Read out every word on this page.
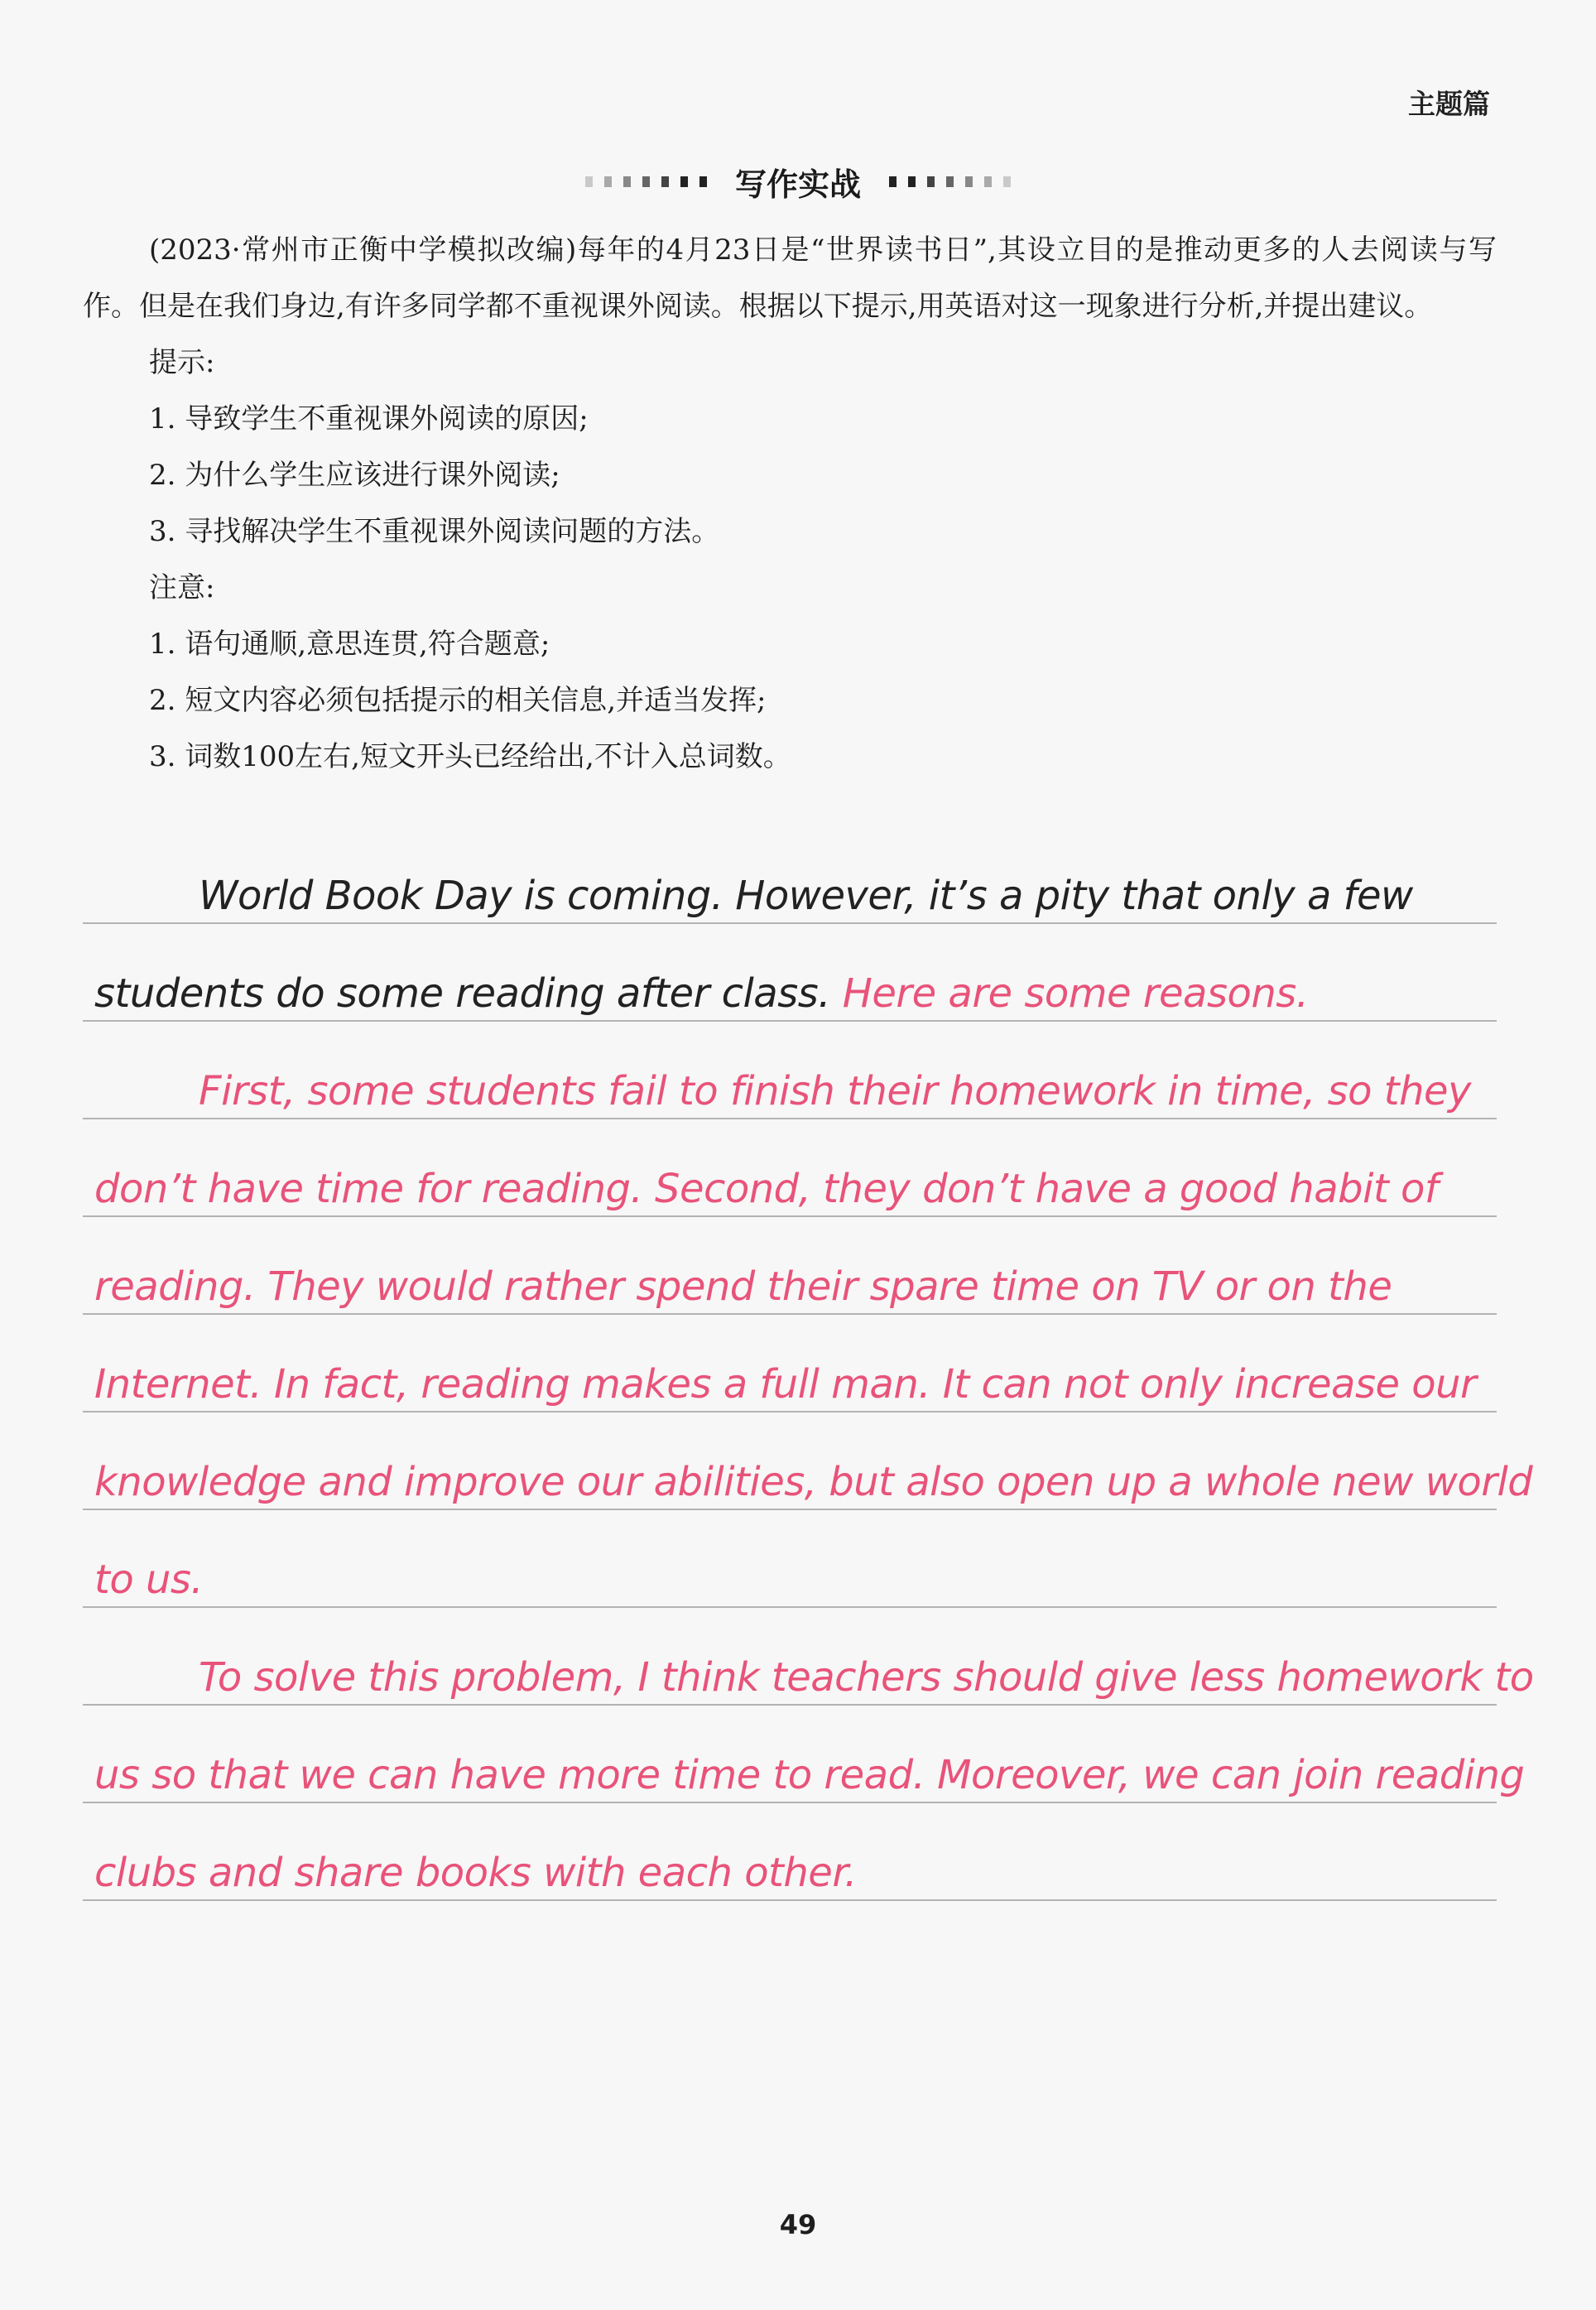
主题篇
写作实战

(2023·常州市正衡中学模拟改编)每年的4月23日是“世界读书日”,其设立目的是推动更多的人去阅读与写作。但是在我们身边,有许多同学都不重视课外阅读。根据以下提示,用英语对这一现象进行分析,并提出建议。

提示:

1. 导致学生不重视课外阅读的原因;

2. 为什么学生应该进行课外阅读;

3. 寻找解决学生不重视课外阅读问题的方法。

注意:

1. 语句通顺,意思连贯,符合题意;

2. 短文内容必须包括提示的相关信息,并适当发挥;

3. 词数100左右,短文开头已经给出,不计入总词数。

World Book Day is coming. However, it’s a pity that only a few
students do some reading after class. Here are some reasons.
First, some students fail to finish their homework in time, so they
don’t have time for reading. Second, they don’t have a good habit of
reading. They would rather spend their spare time on TV or on the
Internet. In fact, reading makes a full man. It can not only increase our
knowledge and improve our abilities, but also open up a whole new world
to us.
To solve this problem, I think teachers should give less homework to
us so that we can have more time to read. Moreover, we can join reading
clubs and share books with each other.
49
